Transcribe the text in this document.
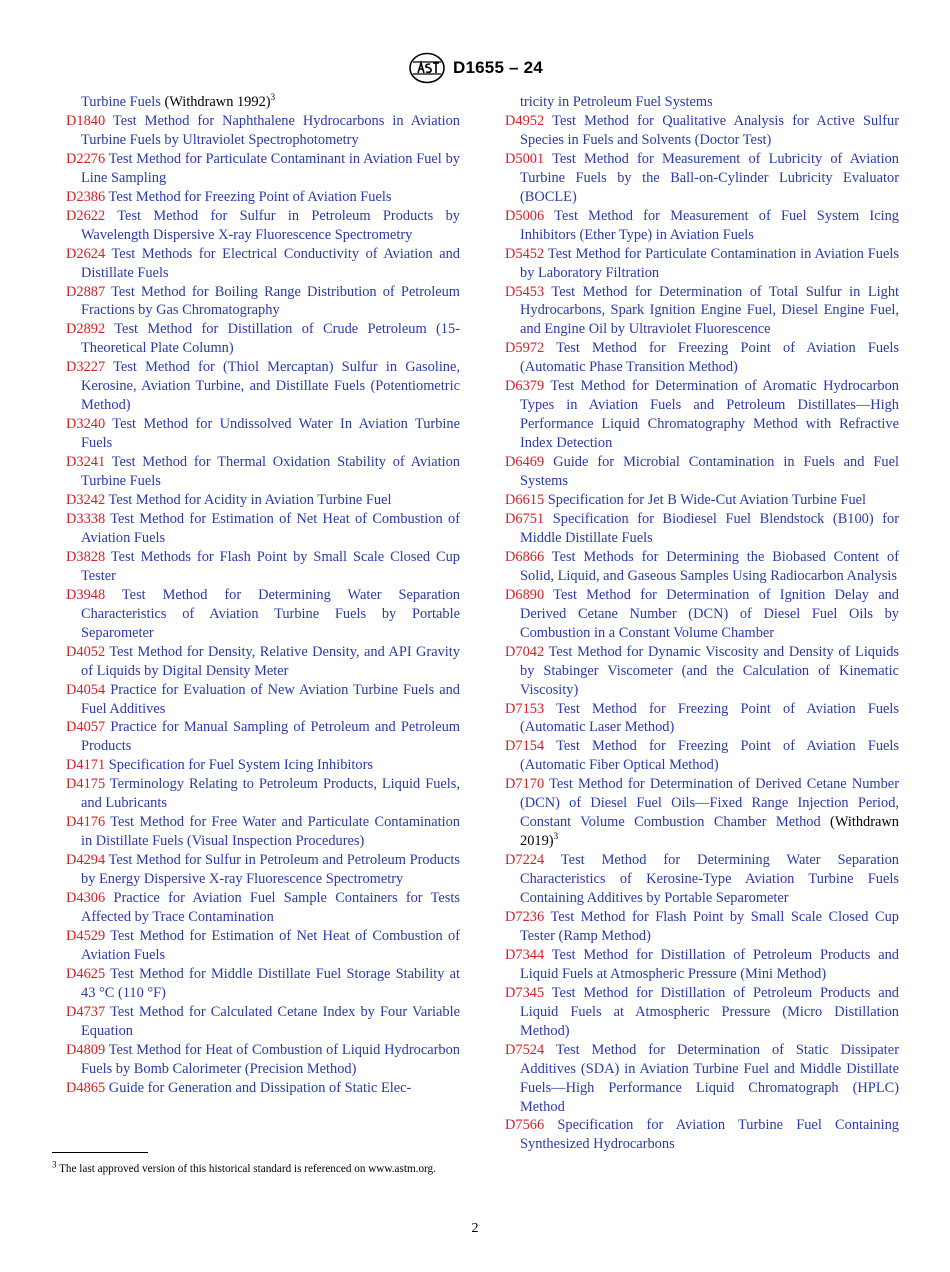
D1655 – 24

Turbine Fuels (Withdrawn 1992)$^3$

D1840 Test Method for Naphthalene Hydrocarbons in Aviation Turbine Fuels by Ultraviolet Spectrophotometry

D2276 Test Method for Particulate Contaminant in Aviation Fuel by Line Sampling

D2386 Test Method for Freezing Point of Aviation Fuels

D2622 Test Method for Sulfur in Petroleum Products by Wavelength Dispersive X-ray Fluorescence Spectrometry

D2624 Test Methods for Electrical Conductivity of Aviation and Distillate Fuels

D2887 Test Method for Boiling Range Distribution of Petroleum Fractions by Gas Chromatography

D2892 Test Method for Distillation of Crude Petroleum (15-Theoretical Plate Column)

D3227 Test Method for (Thiol Mercaptan) Sulfur in Gasoline, Kerosine, Aviation Turbine, and Distillate Fuels (Potentiometric Method)

D3240 Test Method for Undissolved Water In Aviation Turbine Fuels

D3241 Test Method for Thermal Oxidation Stability of Aviation Turbine Fuels

D3242 Test Method for Acidity in Aviation Turbine Fuel

D3338 Test Method for Estimation of Net Heat of Combustion of Aviation Fuels

D3828 Test Methods for Flash Point by Small Scale Closed Cup Tester

D3948 Test Method for Determining Water Separation Characteristics of Aviation Turbine Fuels by Portable Separometer

D4052 Test Method for Density, Relative Density, and API Gravity of Liquids by Digital Density Meter

D4054 Practice for Evaluation of New Aviation Turbine Fuels and Fuel Additives

D4057 Practice for Manual Sampling of Petroleum and Petroleum Products

D4171 Specification for Fuel System Icing Inhibitors

D4175 Terminology Relating to Petroleum Products, Liquid Fuels, and Lubricants

D4176 Test Method for Free Water and Particulate Contamination in Distillate Fuels (Visual Inspection Procedures)

D4294 Test Method for Sulfur in Petroleum and Petroleum Products by Energy Dispersive X-ray Fluorescence Spectrometry

D4306 Practice for Aviation Fuel Sample Containers for Tests Affected by Trace Contamination

D4529 Test Method for Estimation of Net Heat of Combustion of Aviation Fuels

D4625 Test Method for Middle Distillate Fuel Storage Stability at 43 °C (110 °F)

D4737 Test Method for Calculated Cetane Index by Four Variable Equation

D4809 Test Method for Heat of Combustion of Liquid Hydrocarbon Fuels by Bomb Calorimeter (Precision Method)

D4865 Guide for Generation and Dissipation of Static Elec-

tricity in Petroleum Fuel Systems

D4952 Test Method for Qualitative Analysis for Active Sulfur Species in Fuels and Solvents (Doctor Test)

D5001 Test Method for Measurement of Lubricity of Aviation Turbine Fuels by the Ball-on-Cylinder Lubricity Evaluator (BOCLE)

D5006 Test Method for Measurement of Fuel System Icing Inhibitors (Ether Type) in Aviation Fuels

D5452 Test Method for Particulate Contamination in Aviation Fuels by Laboratory Filtration

D5453 Test Method for Determination of Total Sulfur in Light Hydrocarbons, Spark Ignition Engine Fuel, Diesel Engine Fuel, and Engine Oil by Ultraviolet Fluorescence

D5972 Test Method for Freezing Point of Aviation Fuels (Automatic Phase Transition Method)

D6379 Test Method for Determination of Aromatic Hydrocarbon Types in Aviation Fuels and Petroleum Distillates—High Performance Liquid Chromatography Method with Refractive Index Detection

D6469 Guide for Microbial Contamination in Fuels and Fuel Systems

D6615 Specification for Jet B Wide-Cut Aviation Turbine Fuel

D6751 Specification for Biodiesel Fuel Blendstock (B100) for Middle Distillate Fuels

D6866 Test Methods for Determining the Biobased Content of Solid, Liquid, and Gaseous Samples Using Radiocarbon Analysis

D6890 Test Method for Determination of Ignition Delay and Derived Cetane Number (DCN) of Diesel Fuel Oils by Combustion in a Constant Volume Chamber

D7042 Test Method for Dynamic Viscosity and Density of Liquids by Stabinger Viscometer (and the Calculation of Kinematic Viscosity)

D7153 Test Method for Freezing Point of Aviation Fuels (Automatic Laser Method)

D7154 Test Method for Freezing Point of Aviation Fuels (Automatic Fiber Optical Method)

D7170 Test Method for Determination of Derived Cetane Number (DCN) of Diesel Fuel Oils—Fixed Range Injection Period, Constant Volume Combustion Chamber Method (Withdrawn 2019)$^3$

D7224 Test Method for Determining Water Separation Characteristics of Kerosine-Type Aviation Turbine Fuels Containing Additives by Portable Separometer

D7236 Test Method for Flash Point by Small Scale Closed Cup Tester (Ramp Method)

D7344 Test Method for Distillation of Petroleum Products and Liquid Fuels at Atmospheric Pressure (Mini Method)

D7345 Test Method for Distillation of Petroleum Products and Liquid Fuels at Atmospheric Pressure (Micro Distillation Method)

D7524 Test Method for Determination of Static Dissipater Additives (SDA) in Aviation Turbine Fuel and Middle Distillate Fuels—High Performance Liquid Chromatograph (HPLC) Method

D7566 Specification for Aviation Turbine Fuel Containing Synthesized Hydrocarbons

$^3$ The last approved version of this historical standard is referenced on www.astm.org.
2
